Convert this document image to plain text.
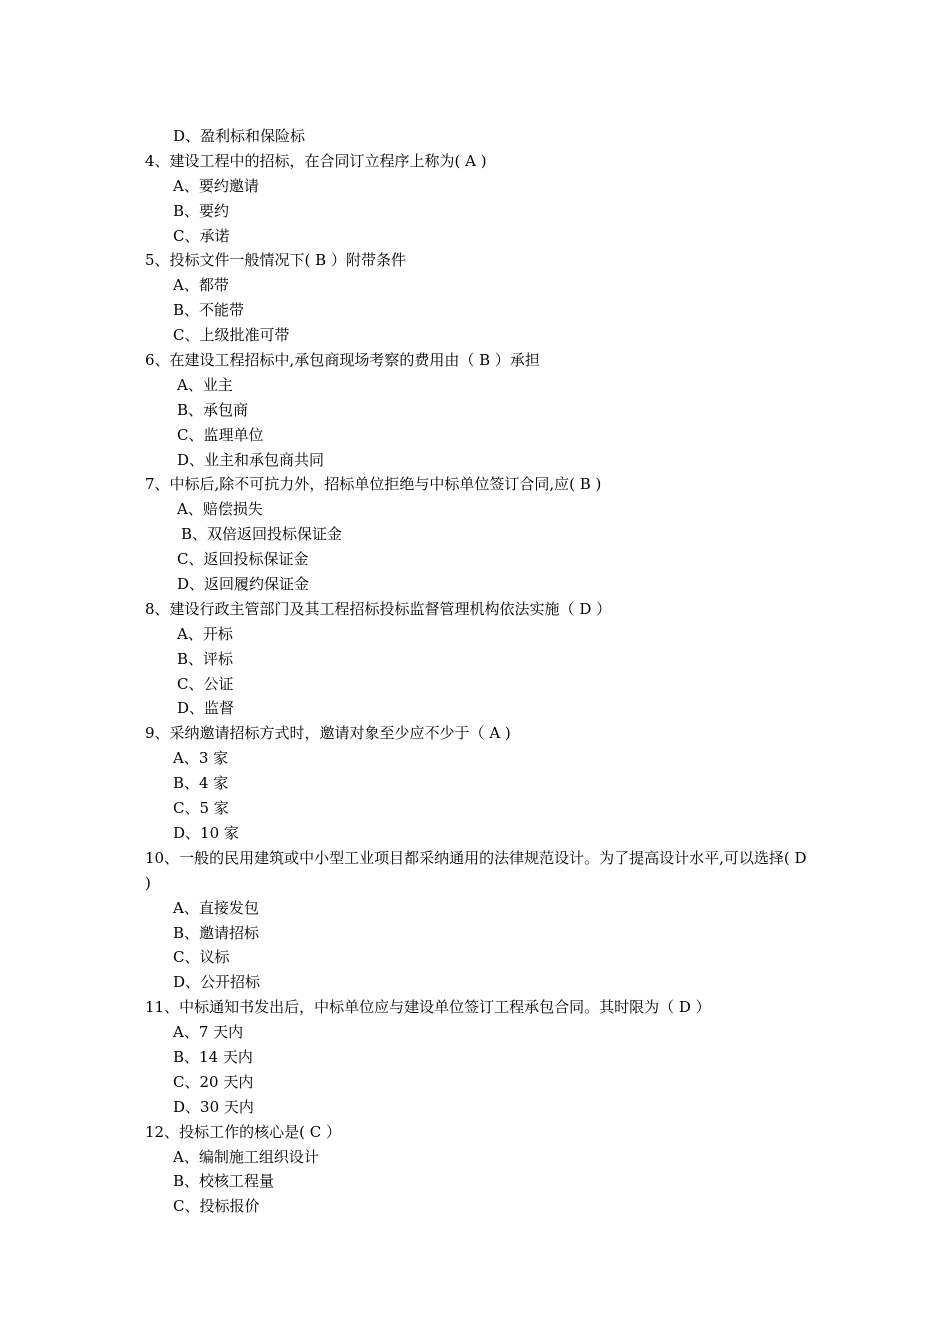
D、盈利标和保险标
4、建设工程中的招标，在合同订立程序上称为( A )
A、要约邀请
B、要约
C、承诺
5、投标文件一般情况下( B ）附带条件
A、都带
B、不能带
C、上级批准可带
6、在建设工程招标中,承包商现场考察的费用由（ B ）承担
A、业主
B、承包商
C、监理单位
D、业主和承包商共同
7、中标后,除不可抗力外，招标单位拒绝与中标单位签订合同,应( B )
A、赔偿损失
B、双倍返回投标保证金
C、返回投标保证金
D、返回履约保证金
8、建设行政主管部门及其工程招标投标监督管理机构依法实施（ D ）
A、开标
B、评标
C、公证
D、监督
9、采纳邀请招标方式时，邀请对象至少应不少于（ A )
A、3 家
B、4 家
C、5 家
D、10 家
10、一般的民用建筑或中小型工业项目都采纳通用的法律规范设计。为了提高设计水平,可以选择( D )
A、直接发包
B、邀请招标
C、议标
D、公开招标
11、中标通知书发出后，中标单位应与建设单位签订工程承包合同。其时限为（ D ）
A、7 天内
B、14 天内
C、20 天内
D、30 天内
12、投标工作的核心是( C ）
A、编制施工组织设计
B、校核工程量
C、投标报价
